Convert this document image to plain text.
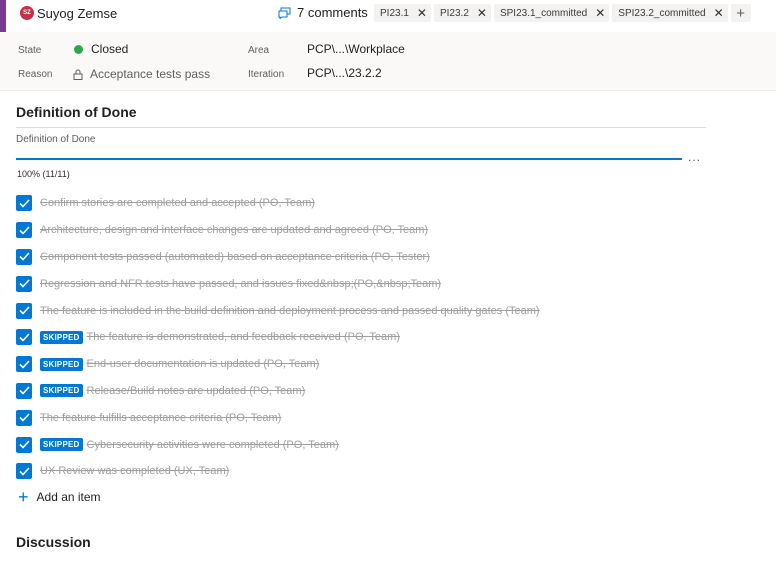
SZ Suyog Zemse	7 comments PI23.1 ✕ PI23.2 ✕ SPI23.1_committed ✕ SPI23.2_committed ✕ +
State	Closed
Reason	Acceptance tests pass
Area	PCP\...\Workplace
Iteration PCP\...\23.2.2
Definition of Done
Definition of Done
...
100% (11/11)
Confirm stories are completed and accepted (PO, Team)
Architecture, design and interface changes are updated and agreed (PO, Team)
Component tests passed (automated) based on acceptance criteria (PO, Tester)
Regression and NFR tests have passed, and issues fixed&nbsp;(PO,&nbsp;Team)
The feature is included in the build definition and deployment process and passed quality gates (Team)
SKIPPED The feature is demonstrated, and feedback received (PO, Team)
SKIPPED End-user documentation is updated (PO, Team)
SKIPPED Release/Build notes are updated (PO, Team)
The feature fulfills acceptance criteria (PO, Team)
SKIPPED Cybersecurity activities were completed (PO, Team)
UX Review was completed (UX, Team)
+ Add an item
Discussion
